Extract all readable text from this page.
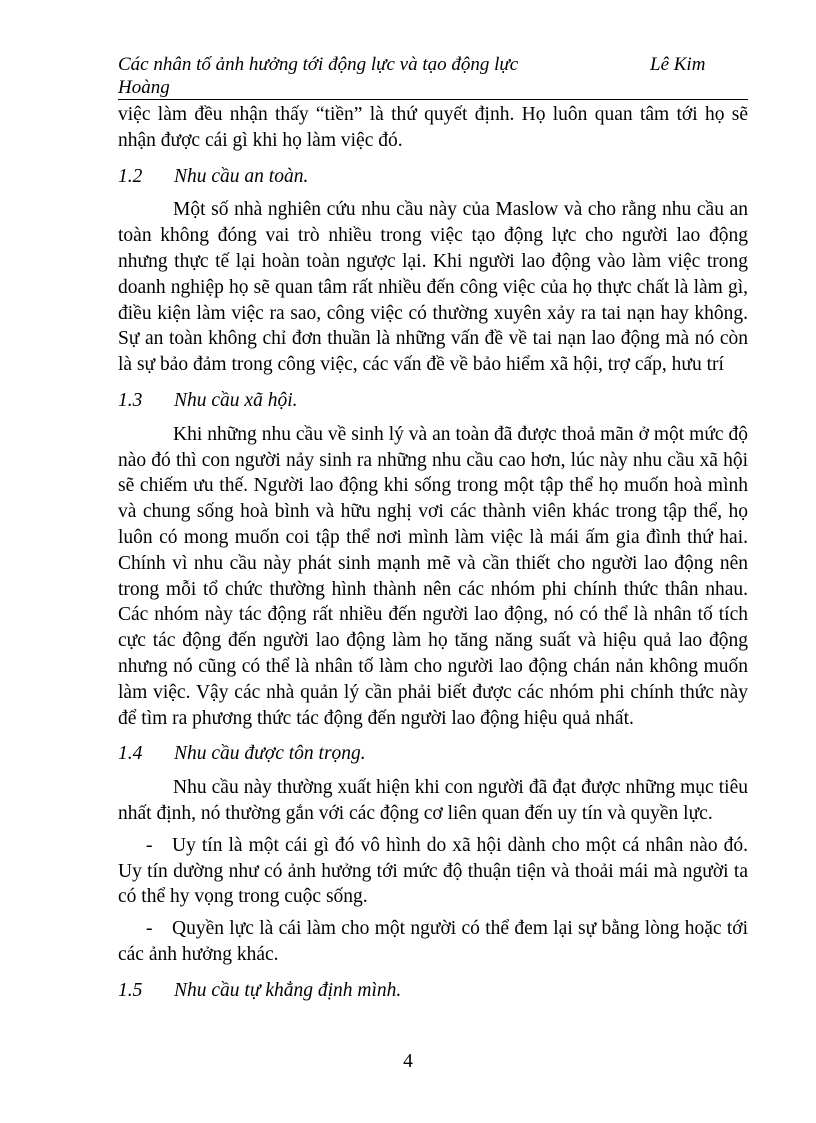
Các nhân tố ảnh hưởng tới động lực và tạo động lực
Hoàng
Lê Kim

việc làm đều nhận thấy “tiền” là thứ quyết định. Họ luôn quan tâm tới họ sẽ nhận được cái gì khi họ làm việc đó.

1.2 Nhu cầu an toàn.

Một số nhà nghiên cứu nhu cầu này của Maslow và cho rằng nhu cầu an toàn không đóng vai trò nhiều trong việc tạo động lực cho người lao động nhưng thực tế lại hoàn toàn ngược lại. Khi người lao động vào làm việc trong doanh nghiệp họ sẽ quan tâm rất nhiều đến công việc của họ thực chất là làm gì, điều kiện làm việc ra sao, công việc có thường xuyên xảy ra tai nạn hay không. Sự an toàn không chỉ đơn thuần là những vấn đề về tai nạn lao động mà nó còn là sự bảo đảm trong công việc, các vấn đề về bảo hiểm xã hội, trợ cấp, hưu trí

1.3 Nhu cầu xã hội.

Khi những nhu cầu về sinh lý và an toàn đã được thoả mãn ở một mức độ nào đó thì con người nảy sinh ra những nhu cầu cao hơn, lúc này nhu cầu xã hội sẽ chiếm ưu thế. Người lao động khi sống trong một tập thể họ muốn hoà mình và chung sống hoà bình và hữu nghị vơi các thành viên khác trong tập thể, họ luôn có mong muốn coi tập thể nơi mình làm việc là mái ấm gia đình thứ hai. Chính vì nhu cầu này phát sinh mạnh mẽ và cần thiết cho người lao động nên trong mỗi tổ chức thường hình thành nên các nhóm phi chính thức thân nhau. Các nhóm này tác động rất nhiều đến người lao động, nó có thể là nhân tố tích cực tác động đến người lao động làm họ tăng năng suất và hiệu quả lao động nhưng nó cũng có thể là nhân tố làm cho người lao động chán nản không muốn làm việc. Vậy các nhà quản lý cần phải biết được các nhóm phi chính thức này để tìm ra phương thức tác động đến người lao động hiệu quả nhất.

1.4 Nhu cầu được tôn trọng.

Nhu cầu này thường xuất hiện khi con người đã đạt được những mục tiêu nhất định, nó thường gắn với các động cơ liên quan đến uy tín và quyền lực.

- Uy tín là một cái gì đó vô hình do xã hội dành cho một cá nhân nào đó. Uy tín dường như có ảnh hưởng tới mức độ thuận tiện và thoải mái mà người ta có thể hy vọng trong cuộc sống.

- Quyền lực là cái làm cho một người có thể đem lại sự bằng lòng hoặc tới các ảnh hưởng khác.

1.5 Nhu cầu tự khẳng định mình.

4
